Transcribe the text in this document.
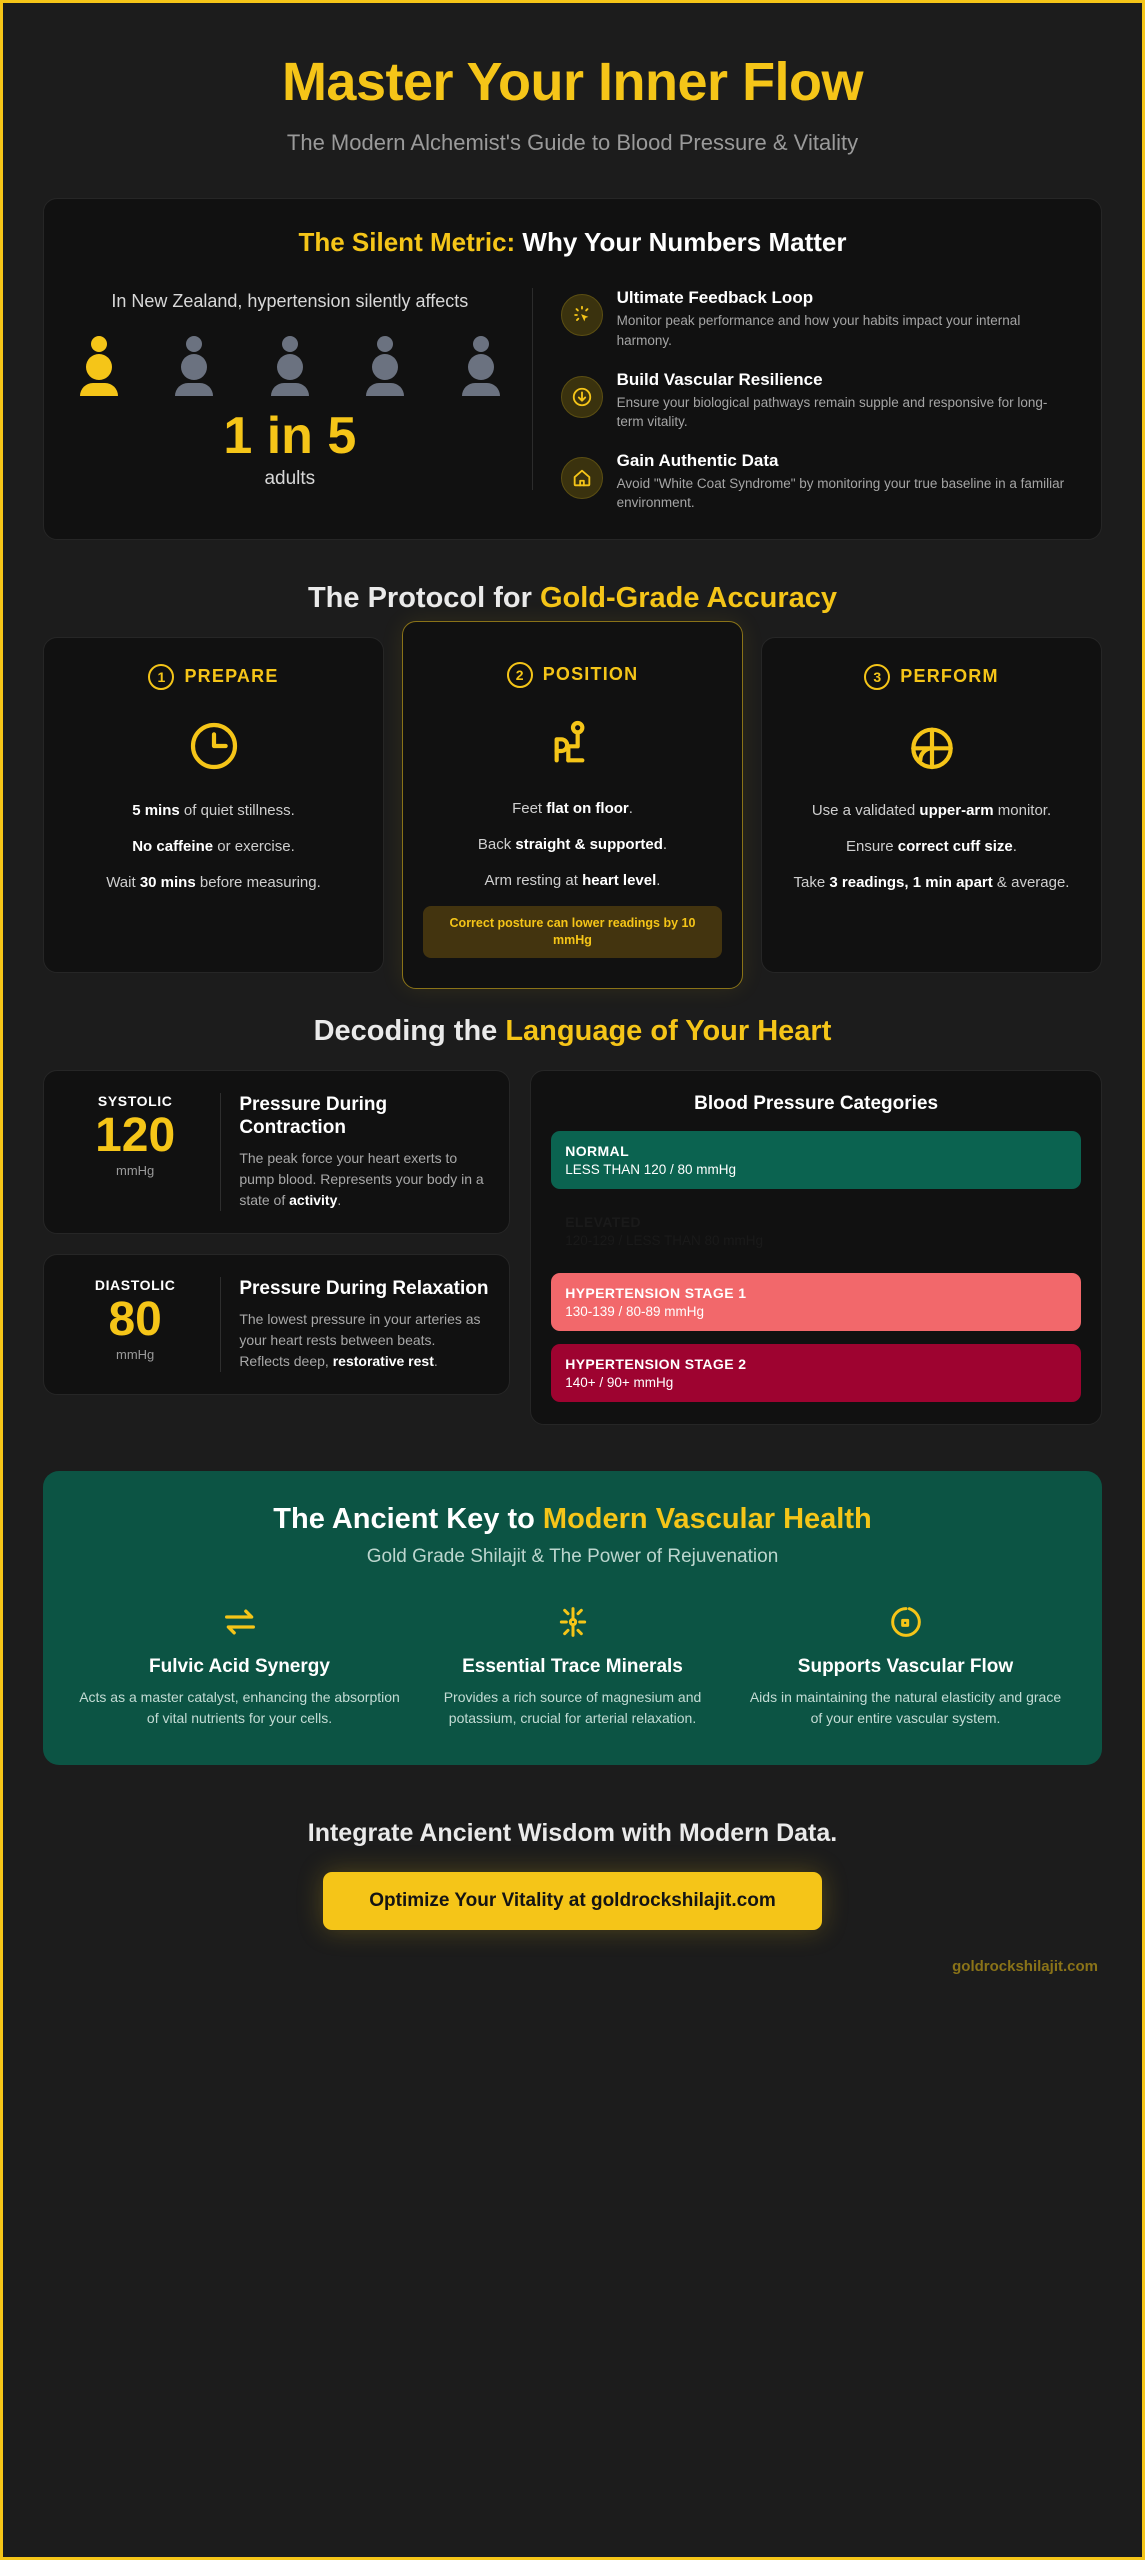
Master Your Inner Flow
The Modern Alchemist's Guide to Blood Pressure & Vitality
The Silent Metric: Why Your Numbers Matter
In New Zealand, hypertension silently affects
1 in 5
adults
Ultimate Feedback Loop
Monitor peak performance and how your habits impact your internal harmony.
Build Vascular Resilience
Ensure your biological pathways remain supple and responsive for long-term vitality.
Gain Authentic Data
Avoid "White Coat Syndrome" by monitoring your true baseline in a familiar environment.
The Protocol for Gold-Grade Accuracy
1	PREPARE
5 mins of quiet stillness.
No caffeine or exercise.
Wait 30 mins before measuring.
2	POSITION
Feet flat on floor.
Back straight & supported.
Arm resting at heart level.
Correct posture can lower readings by 10 mmHg
3	PERFORM
Use a validated upper-arm monitor.
Ensure correct cuff size.
Take 3 readings, 1 min apart & average.
Decoding the Language of Your Heart
SYSTOLIC
120
mmHg
Pressure During Contraction
The peak force your heart exerts to pump blood. Represents your body in a state of activity.
DIASTOLIC
80
mmHg
Pressure During Relaxation
The lowest pressure in your arteries as your heart rests between beats. Reflects deep, restorative rest.
Blood Pressure Categories
NORMAL
LESS THAN 120 / 80 mmHg
ELEVATED
120-129 / LESS THAN 80 mmHg
HYPERTENSION STAGE 1
130-139 / 80-89 mmHg
HYPERTENSION STAGE 2
140+ / 90+ mmHg
The Ancient Key to Modern Vascular Health
Gold Grade Shilajit & The Power of Rejuvenation
Fulvic Acid Synergy
Acts as a master catalyst, enhancing the absorption of vital nutrients for your cells.
Essential Trace Minerals
Provides a rich source of magnesium and potassium, crucial for arterial relaxation.
Supports Vascular Flow
Aids in maintaining the natural elasticity and grace of your entire vascular system.
Integrate Ancient Wisdom with Modern Data.
Optimize Your Vitality at goldrockshilajit.com
goldrockshilajit.com
